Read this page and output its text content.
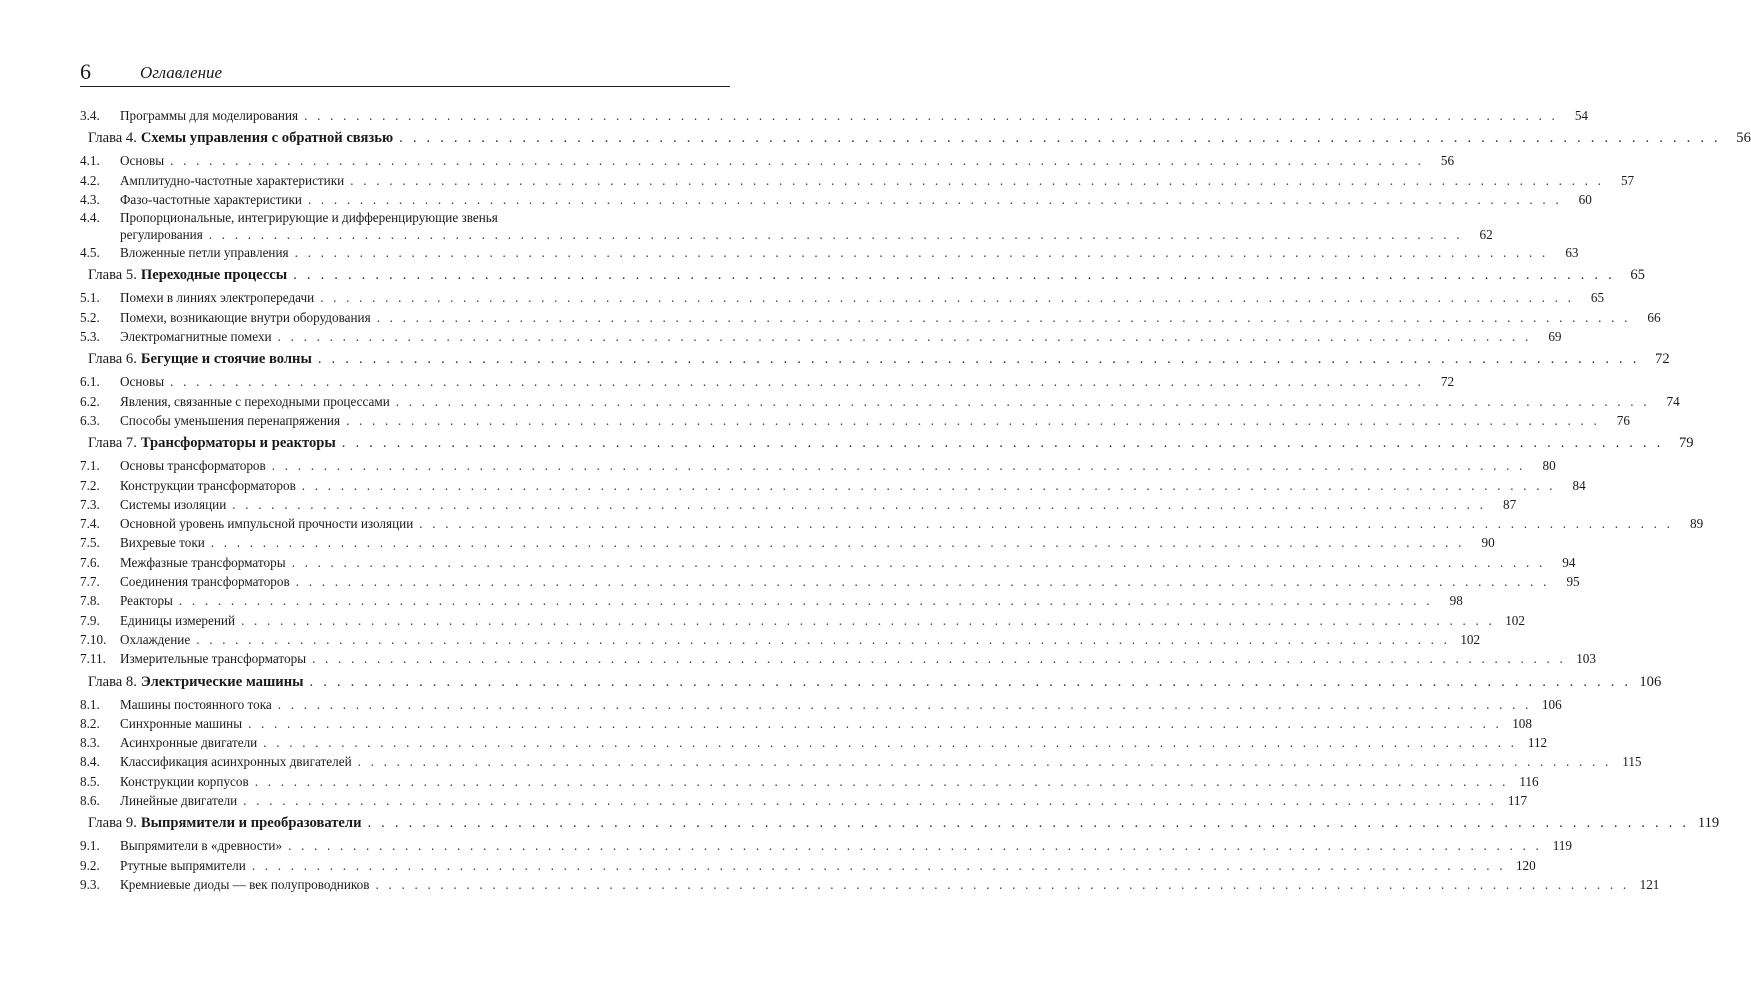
6	Оглавление
3.4.	Программы для моделирования . . .	54
Глава 4. Схемы управления с обратной связью . . .	56
4.1.	Основы . . .	56
4.2.	Амплитудно-частотные характеристики . . .	57
4.3.	Фазо-частотные характеристики . . .	60
4.4.	Пропорциональные, интегрирующие и дифференцирующие звенья
регулирования . . .	62
4.5.	Вложенные петли управления . . .	63
Глава 5. Переходные процессы . . .	65
5.1.	Помехи в линиях электропередачи . . .	65
5.2.	Помехи, возникающие внутри оборудования . . .	66
5.3.	Электромагнитные помехи . . .	69
Глава 6. Бегущие и стоячие волны . . .	72
6.1.	Основы . . .	72
6.2.	Явления, связанные с переходными процессами . . .	74
6.3.	Способы уменьшения перенапряжения . . .	76
Глава 7. Трансформаторы и реакторы . . .	79
7.1.	Основы трансформаторов . . .	80
7.2.	Конструкции трансформаторов . . .	84
7.3.	Системы изоляции . . .	87
7.4.	Основной уровень импульсной прочности изоляции . . .	89
7.5.	Вихревые токи . . .	90
7.6.	Межфазные трансформаторы . . .	94
7.7.	Соединения трансформаторов . . .	95
7.8.	Реакторы . . .	98
7.9.	Единицы измерений . . .	102
7.10.	Охлаждение . . .	102
7.11.	Измерительные трансформаторы . . .	103
Глава 8. Электрические машины . . .	106
8.1.	Машины постоянного тока . . .	106
8.2.	Синхронные машины . . .	108
8.3.	Асинхронные двигатели . . .	112
8.4.	Классификация асинхронных двигателей . . .	115
8.5.	Конструкции корпусов . . .	116
8.6.	Линейные двигатели . . .	117
Глава 9. Выпрямители и преобразователи . . .	119
9.1.	Выпрямители в «древности» . . .	119
9.2.	Ртутные выпрямители . . .	120
9.3.	Кремниевые диоды — век полупроводников . . .	121
